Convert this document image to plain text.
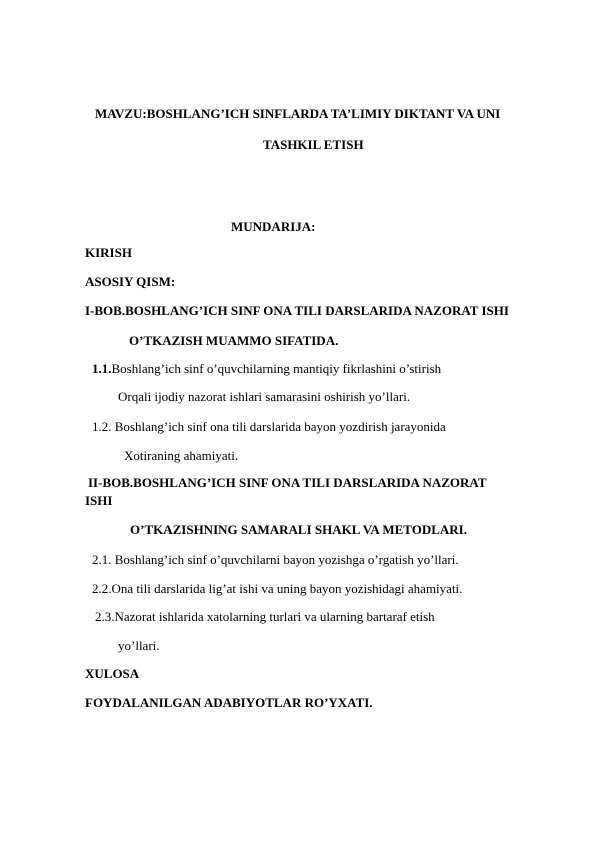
MAVZU:BOSHLANG’ICH SINFLARDA TA’LIMIY DIKTANT VA UNI
TASHKIL ETISH
MUNDARIJA:
KIRISH
ASOSIY QISM:
I-BOB.BOSHLANG’ICH SINF ONA TILI DARSLARIDA NAZORAT ISHI
O’TKAZISH MUAMMO SIFATIDA.
1.1.Boshlang’ich sinf o’quvchilarning mantiqiy fikrlashini o’stirish
Orqali ijodiy nazorat ishlari samarasini oshirish yo’llari.
1.2. Boshlang’ich sinf ona tili darslarida bayon yozdirish jarayonida
Xotiraning ahamiyati.
II-BOB.BOSHLANG’ICH SINF ONA TILI DARSLARIDA NAZORAT
ISHI
O’TKAZISHNING SAMARALI SHAKL VA METODLARI.
2.1. Boshlang’ich sinf o’quvchilarni bayon yozishga o’rgatish yo’llari.
2.2.Ona tili darslarida lig’at ishi va uning bayon yozishidagi ahamiyati.
2.3.Nazorat ishlarida xatolarning turlari va ularning bartaraf etish
yo’llari.
XULOSA
FOYDALANILGAN ADABIYOTLAR RO’YXATI.
